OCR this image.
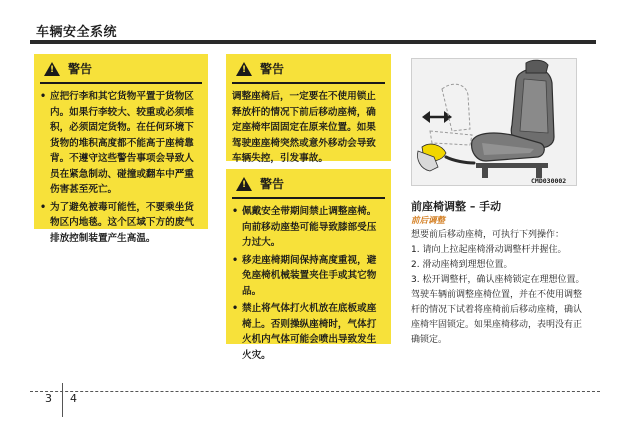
车辆安全系统
!
警告
• 应把行李和其它货物平置于货物区内。如果行李较大、较重或必须堆积，必须固定货物。在任何环境下货物的堆积高度都不能高于座椅靠背。不遵守这些警告事项会导致人员在紧急制动、碰撞或翻车中严重伤害甚至死亡。
• 为了避免被毒可能性，不要乘坐货物区内地毯。这个区域下方的废气排放控制装置产生高温。
!
警告

调整座椅后，一定要在不使用锁止释放杆的情况下前后移动座椅，确定座椅牢固固定在原来位置。如果驾驶座座椅突然或意外移动会导致车辆失控，引发事故。

!
警告
• 佩戴安全带期间禁止调整座椅。向前移动座垫可能导致膝部受压力过大。
• 移走座椅期间保持高度重视，避免座椅机械装置夹住手或其它物品。
• 禁止将气体打火机放在底板或座椅上。否则操纵座椅时，气体打火机内气体可能会喷出导致发生火灾。
CMD030002
前座椅调整 – 手动
前后调整

想要前后移动座椅，可执行下列操作：

1. 请向上拉起座椅滑动调整杆并握住。

2. 滑动座椅到理想位置。

3. 松开调整杆，确认座椅锁定在理想位置。驾驶车辆前调整座椅位置，并在不使用调整杆的情况下试着将座椅前后移动座椅，确认座椅牢固锁定。如果座椅移动，表明没有正确锁定。

3 4
